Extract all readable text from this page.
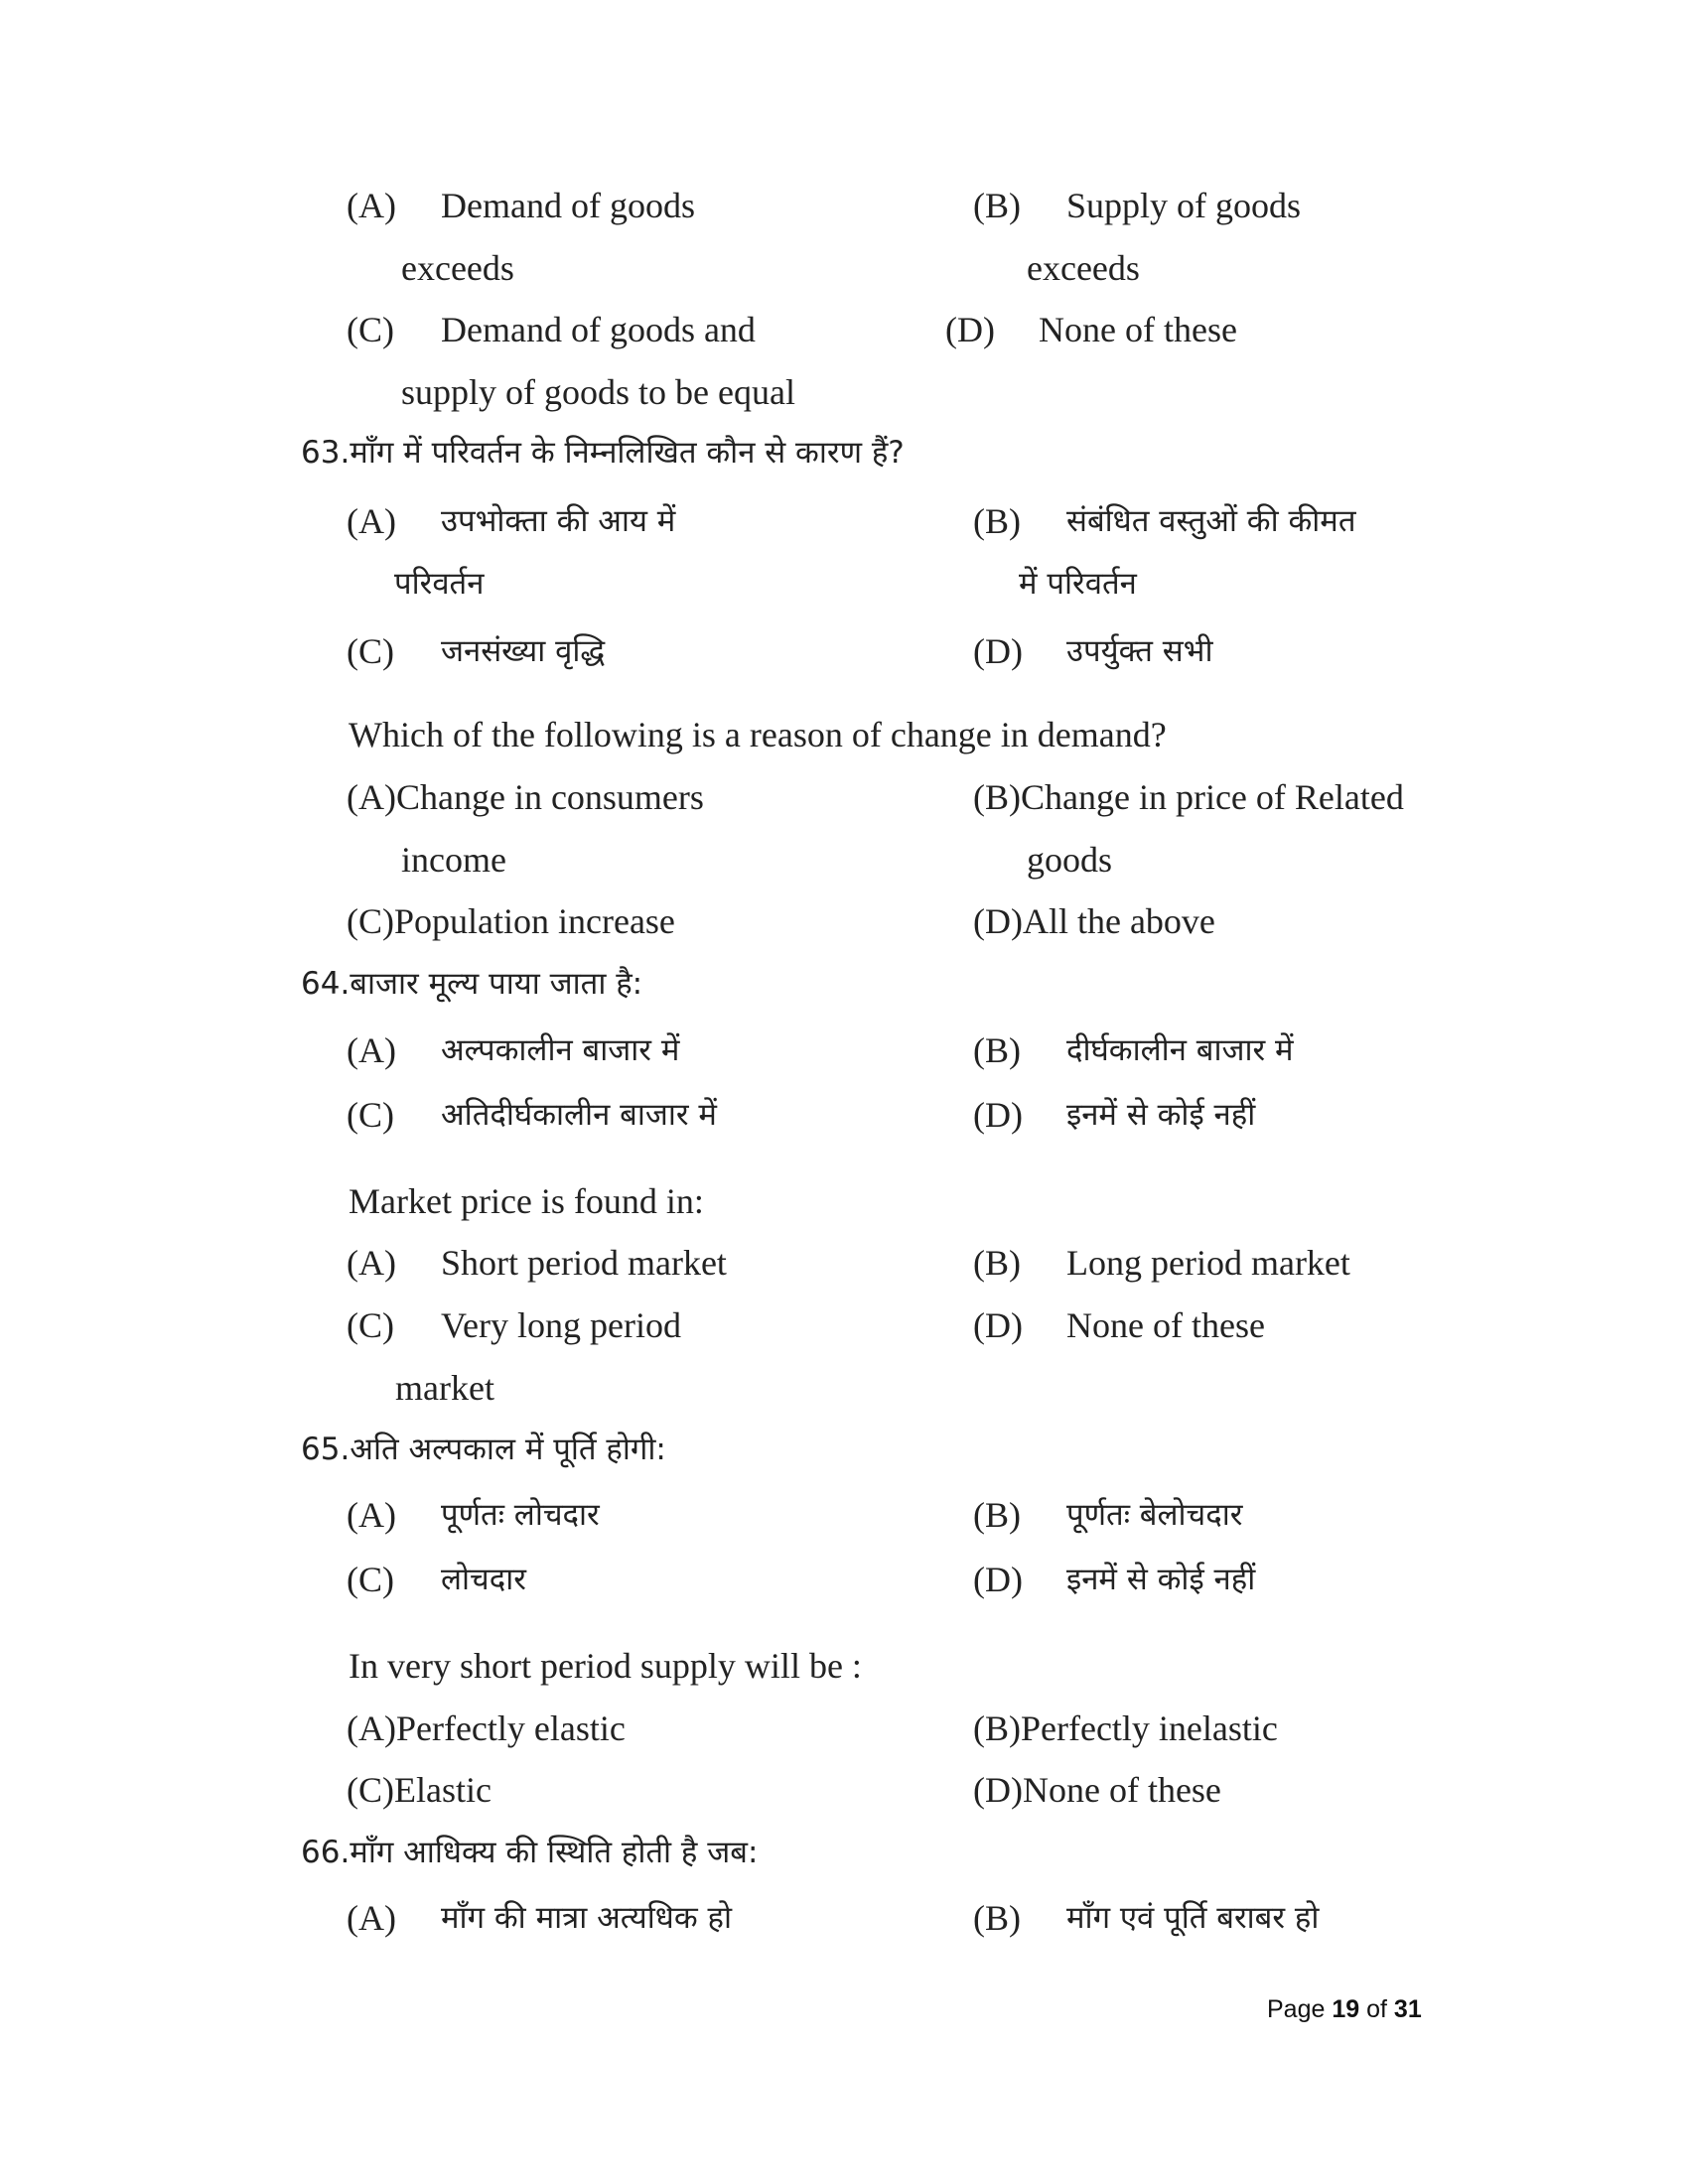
(A) Demand of goods
exceeds
(B) Supply of goods
exceeds
(C) Demand of goods and
supply of goods to be equal
(D) None of these
63.माँग में परिवर्तन के निम्नलिखित कौन से कारण हैं?
(A) उपभोक्ता की आय में
परिवर्तन
(B) संबंधित वस्तुओं की कीमत
में परिवर्तन
(C) जनसंख्या वृद्धि	(D) उपर्युक्त सभी
Which of the following is a reason of change in demand?
(A)Change in consumers
income
(B)Change in price of Related
goods
(C)Population increase	(D)All the above
64.बाजार मूल्य पाया जाता है:
(A) अल्पकालीन बाजार में	(B) दीर्घकालीन बाजार में
(C) अतिदीर्घकालीन बाजार में	(D) इनमें से कोई नहीं
Market price is found in:
(A) Short period market	(B) Long period market
(C) Very long period
market
(D) None of these
65.अति अल्पकाल में पूर्ति होगी:
(A) पूर्णतः लोचदार	(B) पूर्णतः बेलोचदार
(C) लोचदार	(D) इनमें से कोई नहीं
In very short period supply will be :
(A)Perfectly elastic	(B)Perfectly inelastic
(C)Elastic	(D)None of these
66.माँग आधिक्य की स्थिति होती है जब:
(A) माँग की मात्रा अत्यधिक हो	(B) माँग एवं पूर्ति बराबर हो
Page 19 of 31
